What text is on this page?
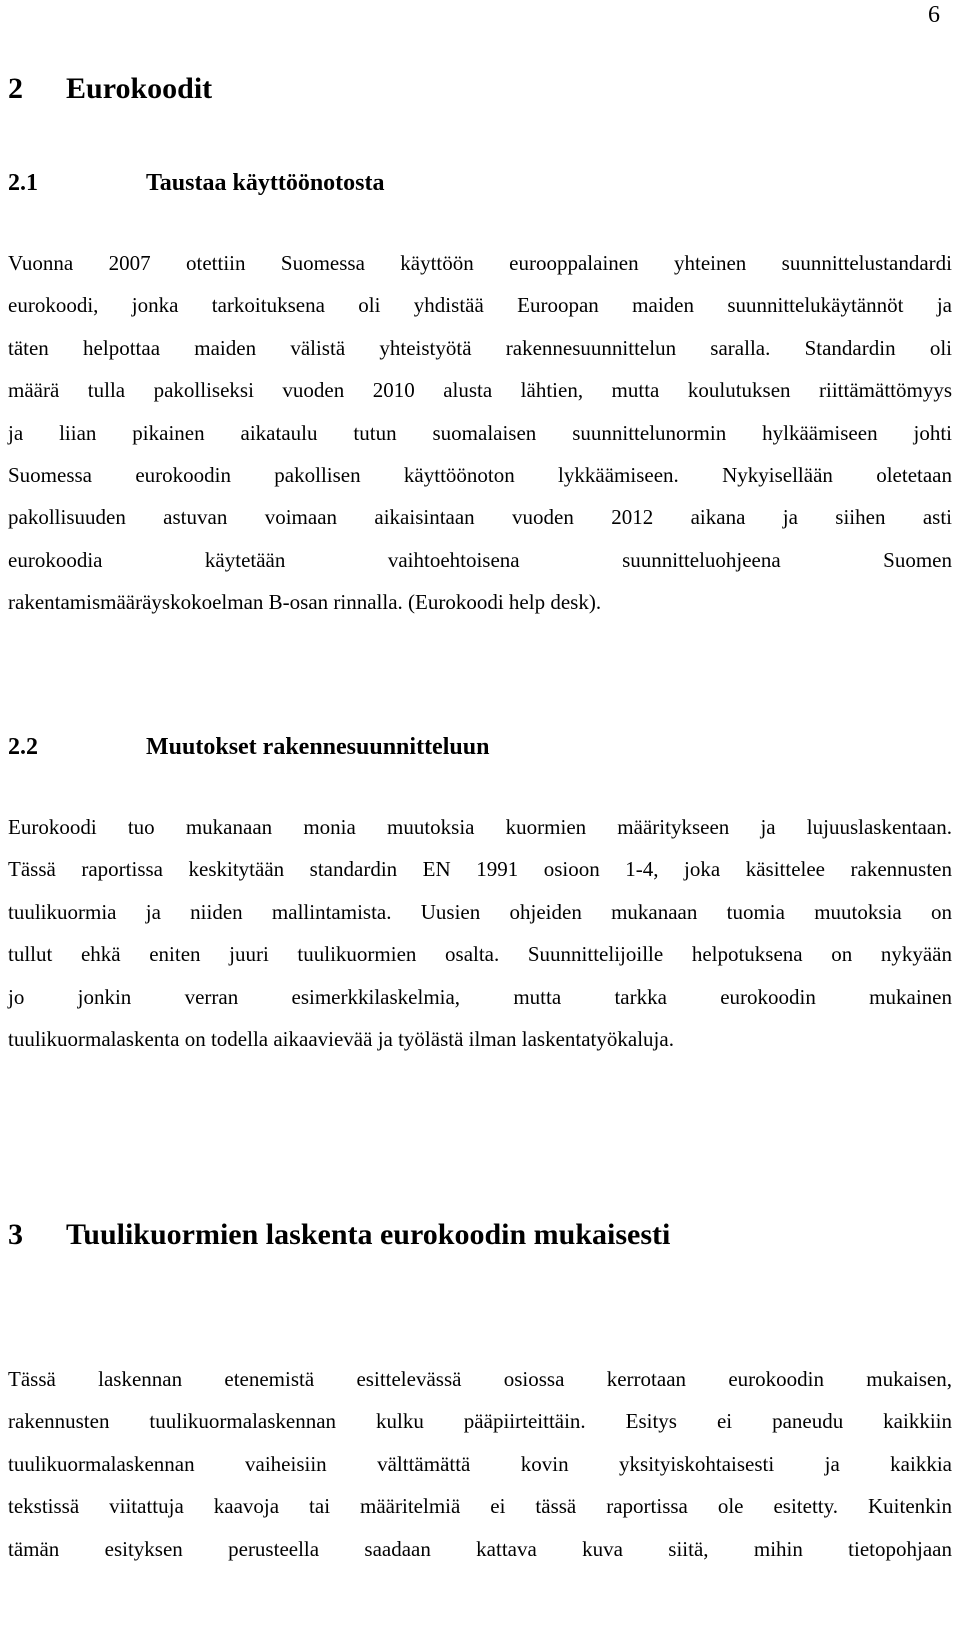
6
2 Eurokoodit
2.1	Taustaa käyttöönotosta
Vuonna 2007 otettiin Suomessa käyttöön eurooppalainen yhteinen suunnittelustandardi
eurokoodi, jonka tarkoituksena oli yhdistää Euroopan maiden suunnittelukäytännöt ja
täten helpottaa maiden välistä yhteistyötä rakennesuunnittelun saralla. Standardin oli
määrä tulla pakolliseksi vuoden 2010 alusta lähtien, mutta koulutuksen riittämättömyys
ja liian pikainen aikataulu tutun suomalaisen suunnittelunormin hylkäämiseen johti
Suomessa eurokoodin pakollisen käyttöönoton lykkäämiseen. Nykyisellään oletetaan
pakollisuuden astuvan voimaan aikaisintaan vuoden 2012 aikana ja siihen asti
eurokoodia käytetään vaihtoehtoisena suunnitteluohjeena Suomen
rakentamismääräyskokoelman B-osan rinnalla. (Eurokoodi help desk).
2.2	Muutokset rakennesuunnitteluun
Eurokoodi tuo mukanaan monia muutoksia kuormien määritykseen ja lujuuslaskentaan.
Tässä raportissa keskitytään standardin EN 1991 osioon 1-4, joka käsittelee rakennusten
tuulikuormia ja niiden mallintamista. Uusien ohjeiden mukanaan tuomia muutoksia on
tullut ehkä eniten juuri tuulikuormien osalta. Suunnittelijoille helpotuksena on nykyään
jo jonkin verran esimerkkilaskelmia, mutta tarkka eurokoodin mukainen
tuulikuormalaskenta on todella aikaavievää ja työlästä ilman laskentatyökaluja.
3 Tuulikuormien laskenta eurokoodin mukaisesti
Tässä laskennan etenemistä esittelevässä osiossa kerrotaan eurokoodin mukaisen,
rakennusten tuulikuormalaskennan kulku pääpiirteittäin. Esitys ei paneudu kaikkiin
tuulikuormalaskennan vaiheisiin välttämättä kovin yksityiskohtaisesti ja kaikkia
tekstissä viitattuja kaavoja tai määritelmiä ei tässä raportissa ole esitetty. Kuitenkin
tämän esityksen perusteella saadaan kattava kuva siitä, mihin tietopohjaan
